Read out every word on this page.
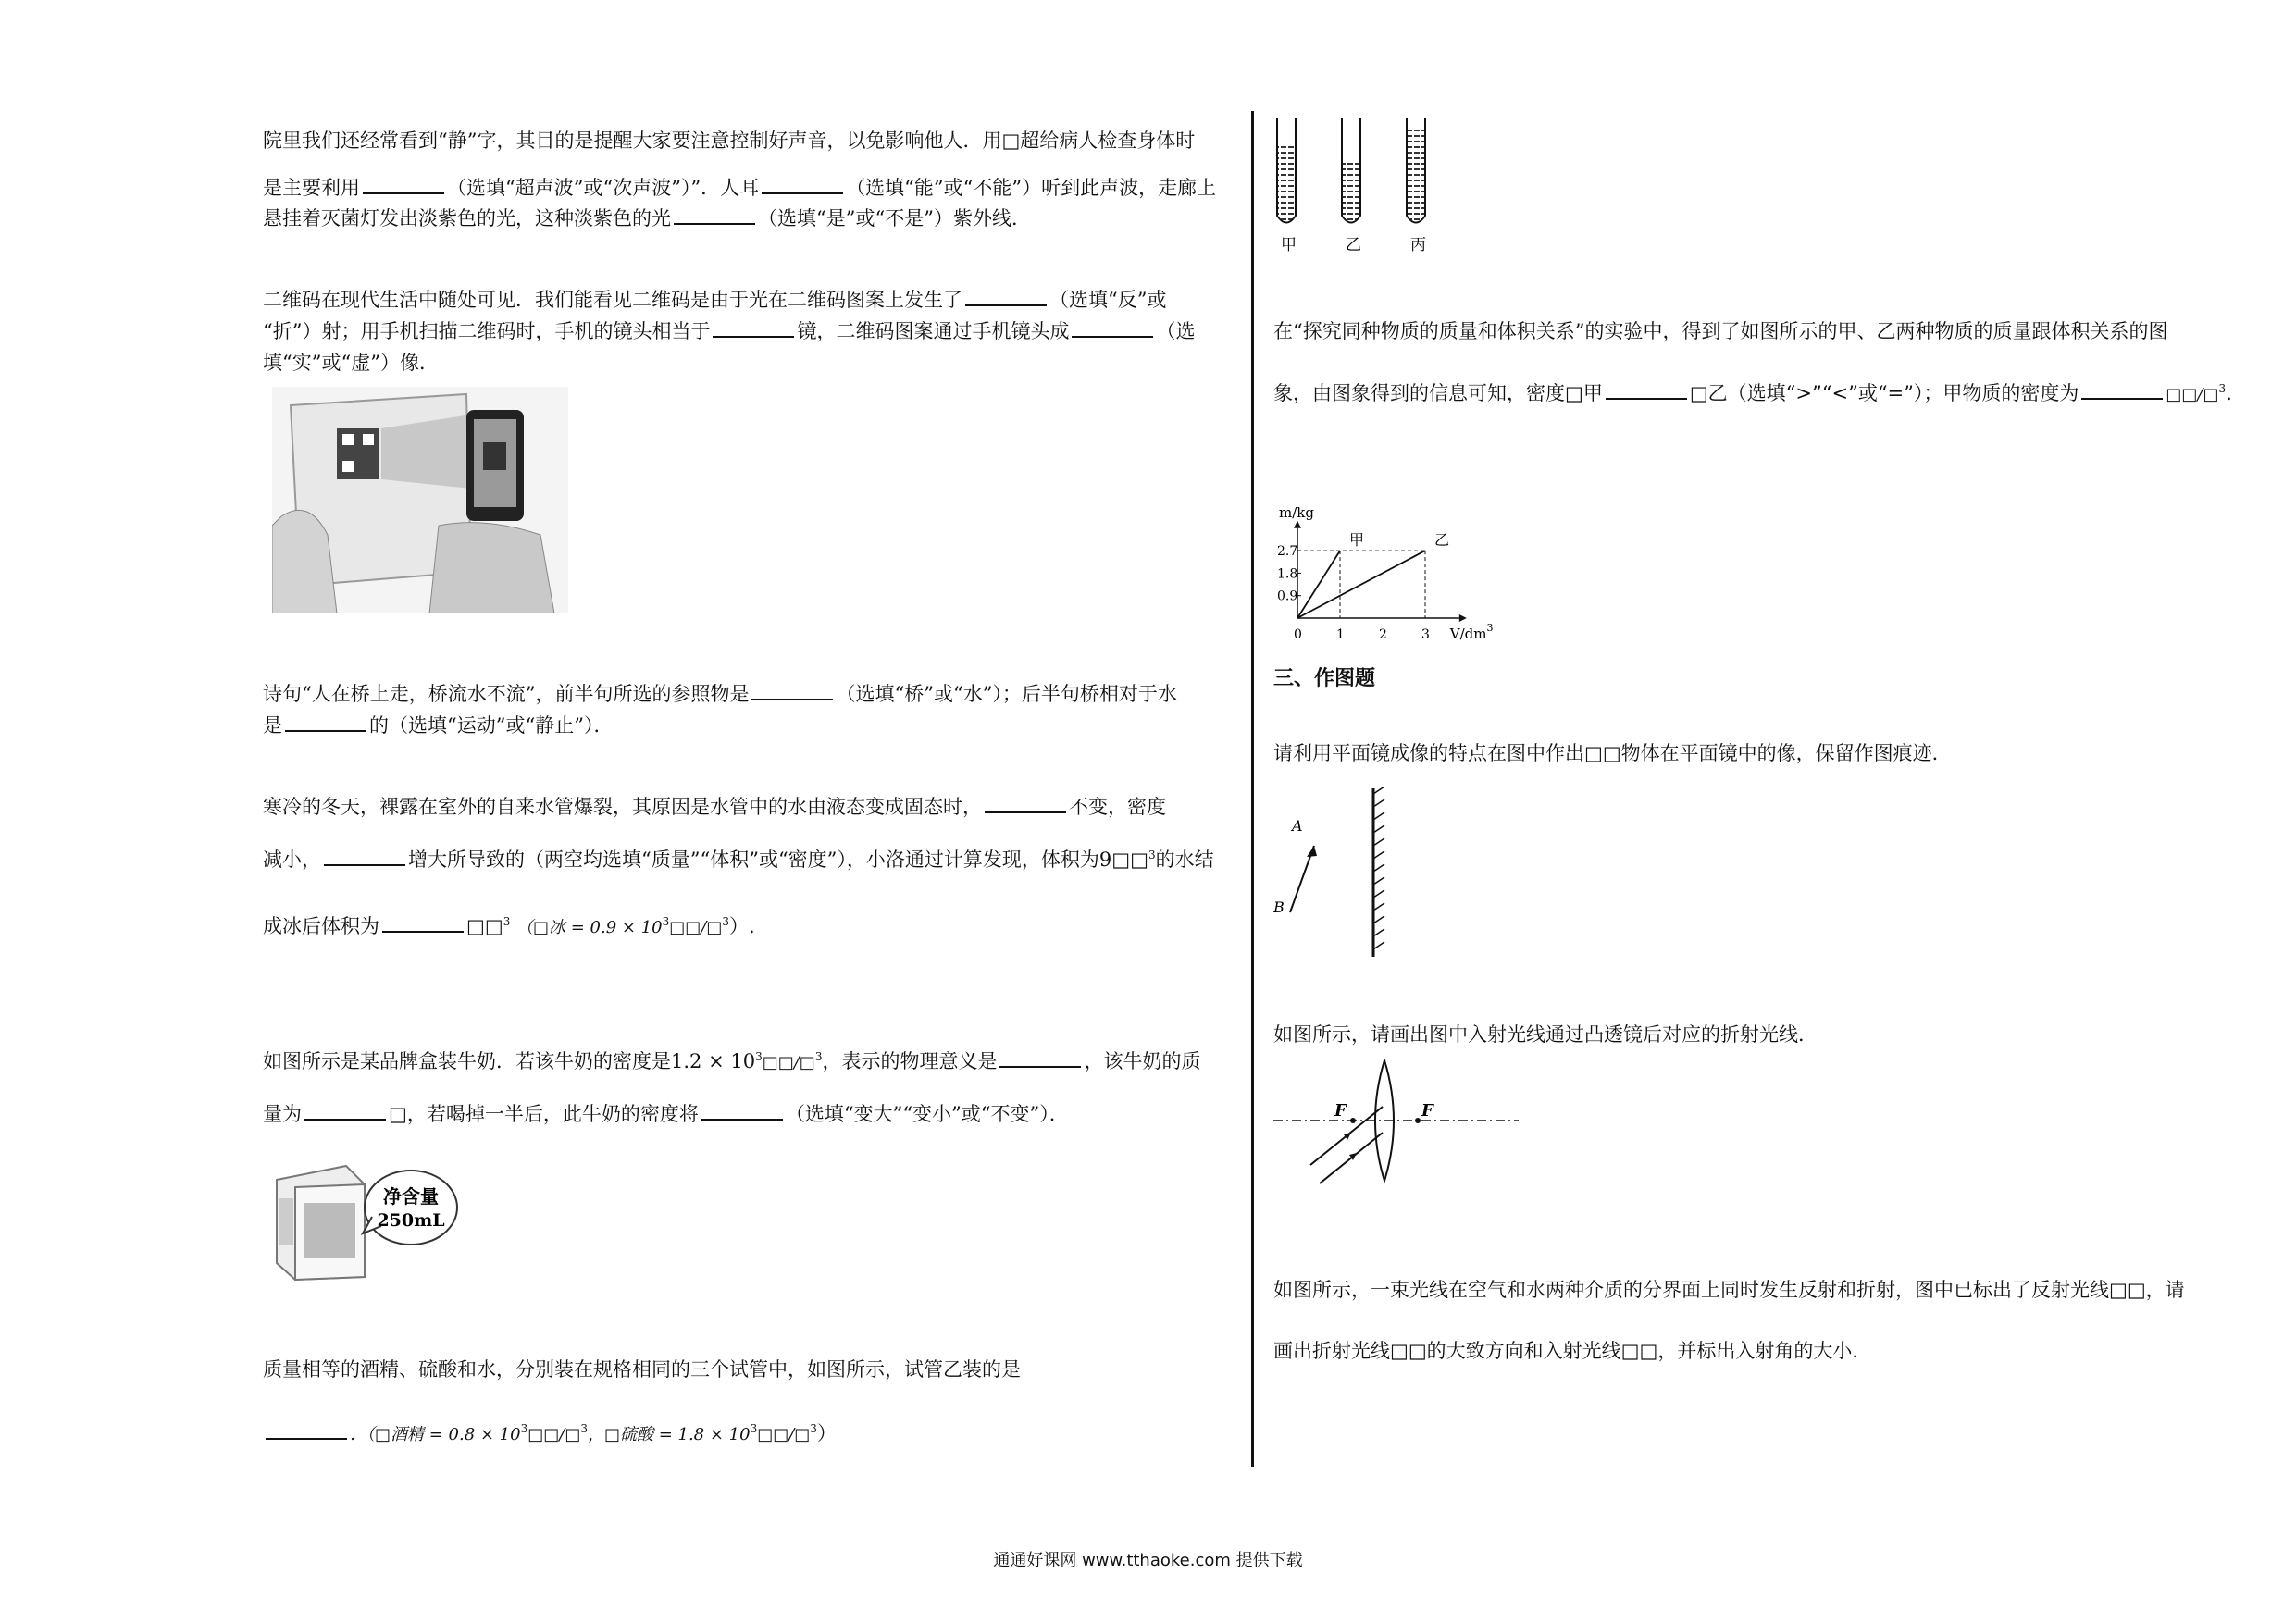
院里我们还经常看到“静”字，其目的是提醒大家要注意控制好声音，以免影响他人．用□超给病人检查身体时
是主要利用	（选填“超声波”或“次声波”）”．人耳	（选填“能”或“不能”）听到此声波，走廊上
悬挂着灭菌灯发出淡紫色的光，这种淡紫色的光	（选填“是”或“不是”）紫外线．
二维码在现代生活中随处可见．我们能看见二维码是由于光在二维码图案上发生了	（选填“反”或
“折”）射；用手机扫描二维码时，手机的镜头相当于	镜，二维码图案通过手机镜头成	（选
填“实”或“虚”）像．
诗句“人在桥上走，桥流水不流”，前半句所选的参照物是	（选填“桥”或“水”）；后半句桥相对于水
是	的（选填“运动”或“静止”）．
寒冷的冬天，裸露在室外的自来水管爆裂，其原因是水管中的水由液态变成固态时，	不变，密度
减小，	增大所导致的（两空均选填“质量”“体积”或“密度”），小洛通过计算发现，体积为9□□$^3$的水结
成冰后体积为	□□$^3$ （□冰 = $0.9 \times 10^3□□/□^3$）.
如图所示是某品牌盒装牛奶．若该牛奶的密度是$1.2 \times 10^3□□/□^3$，表示的物理意义是	，该牛奶的质
量为	□，若喝掉一半后，此牛奶的密度将	（选填“变大”“变小”或“不变”）．
净含量
250mL
质量相等的酒精、硫酸和水，分别装在规格相同的三个试管中，如图所示，试管乙装的是
．（□酒精 = $0.8 \times 10^3□□/□^3$，□硫酸 = $1.8 \times 10^3□□/□^3$）
甲	乙	丙
在“探究同种物质的质量和体积关系”的实验中，得到了如图所示的甲、乙两种物质的质量跟体积关系的图
象，由图象得到的信息可知，密度□甲	□乙（选填“>”“<”或“=”）；甲物质的密度为	□□/□$^3$.
甲	乙
0	1	2	3
0.9
1.8
2.7
m/kg
$V/dm^3$
三、作图题
请利用平面镜成像的特点在图中作出□□物体在平面镜中的像，保留作图痕迹．
A
B
如图所示，请画出图中入射光线通过凸透镜后对应的折射光线．
F	F
如图所示，一束光线在空气和水两种介质的分界面上同时发生反射和折射，图中已标出了反射光线□□，请
画出折射光线□□的大致方向和入射光线□□，并标出入射角的大小．
通通好课网 www.tthaoke.com 提供下载
